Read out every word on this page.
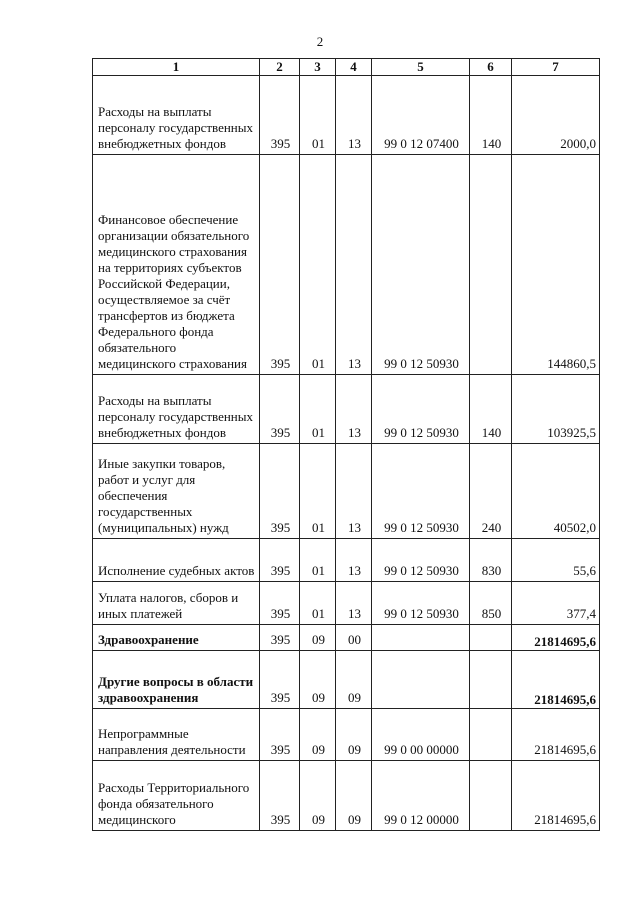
2
1	2	3	4	5	6	7
Расходы на выплаты персоналу государственных внебюджетных фондов	395	01	13	99 0 12 07400	140	2000,0
Финансовое обеспечение организации обязательного медицинского страхования на территориях субъектов Российской Федерации, осуществляемое за счёт трансфертов из бюджета Федерального фонда обязательного медицинского страхования	395	01	13	99 0 12 50930		144860,5
Расходы на выплаты персоналу государственных внебюджетных фондов	395	01	13	99 0 12 50930	140	103925,5
Иные закупки товаров, работ и услуг для обеспечения государственных (муниципальных) нужд	395	01	13	99 0 12 50930	240	40502,0
Исполнение судебных актов	395	01	13	99 0 12 50930	830	55,6
Уплата налогов, сборов и иных платежей	395	01	13	99 0 12 50930	850	377,4
Здравоохранение	395	09	00			21814695,6
Другие вопросы в области здравоохранения	395	09	09			21814695,6
Непрограммные направления деятельности	395	09	09	99 0 00 00000		21814695,6
Расходы Территориального фонда обязательного медицинского	395	09	09	99 0 12 00000		21814695,6
